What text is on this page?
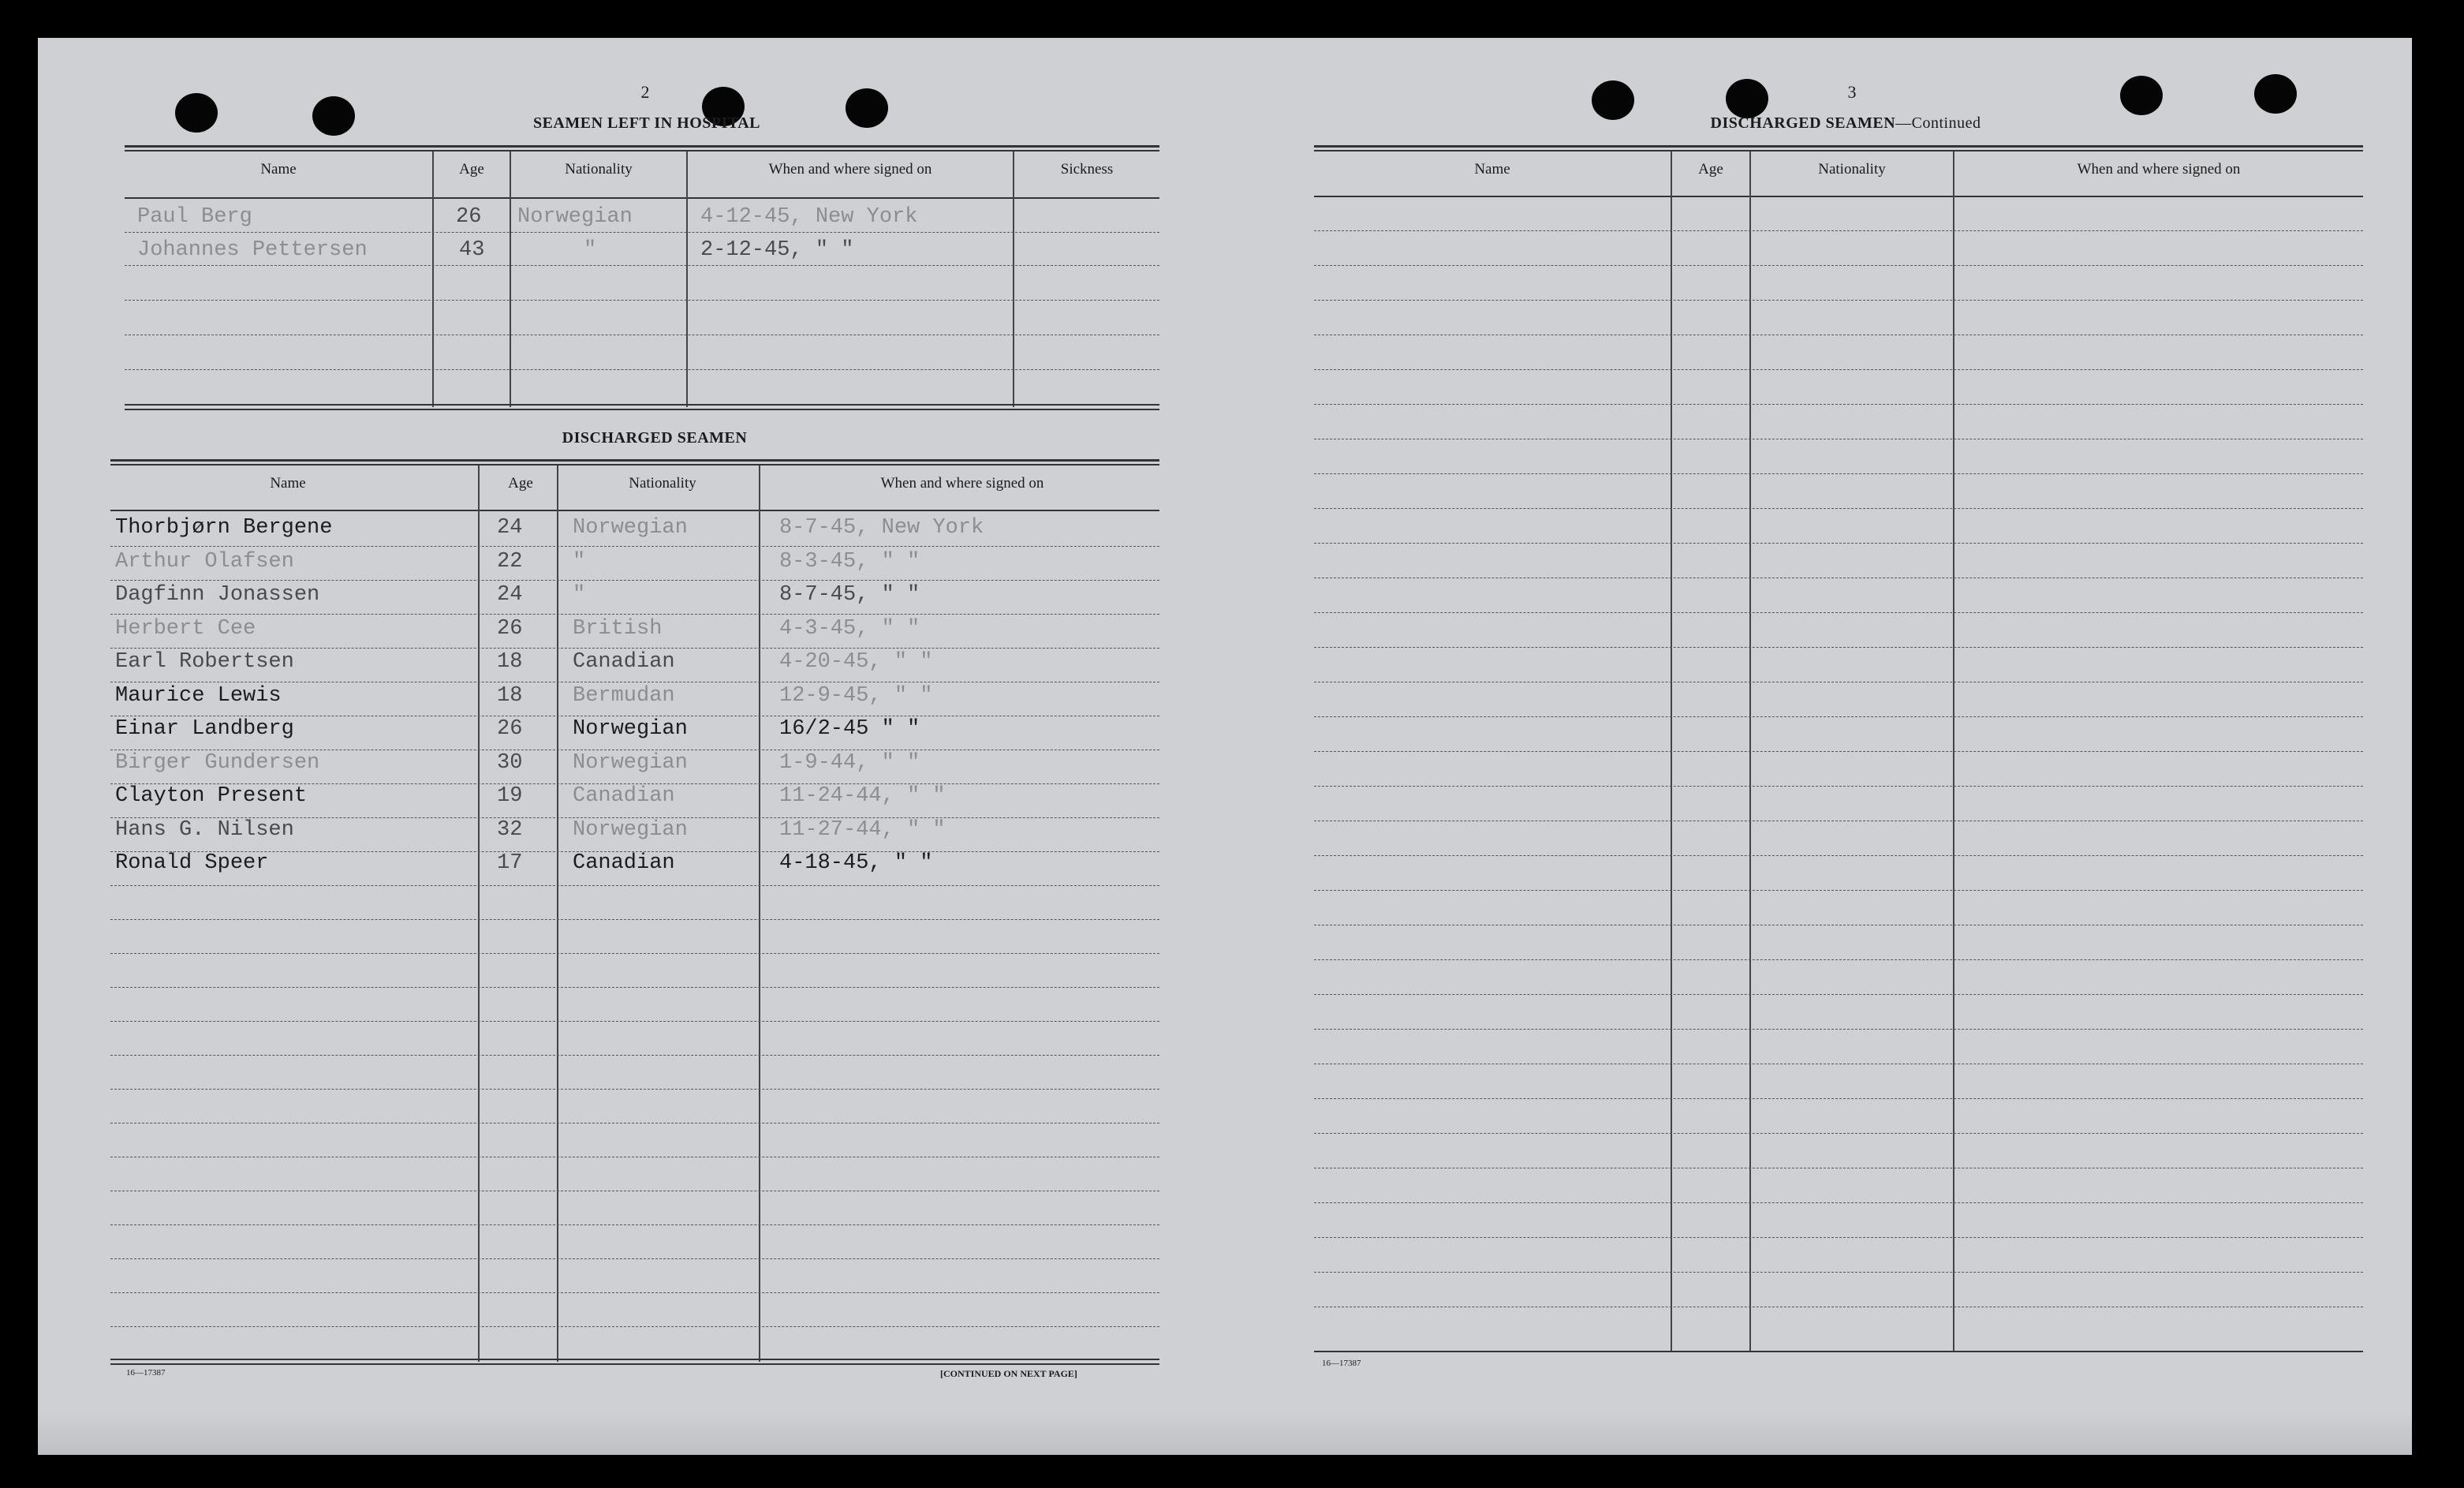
2
SEAMEN LEFT IN HOSPITAL
Name	Age	Nationality	When and where signed on	Sickness
Paul Berg	26 Norwegian	4-12-45, New York
Johannes Pettersen	43	"	2-12-45, " "
DISCHARGED SEAMEN
Name	Age	Nationality	When and where signed on
Thorbjørn Bergene	24 Norwegian	8-7-45, New York
Arthur Olafsen	22 "	8-3-45, " "
Dagfinn Jonassen	24 "	8-7-45, " "
Herbert Cee	26 British	4-3-45, " "
Earl Robertsen	18 Canadian	4-20-45, " "
Maurice Lewis	18 Bermudan	12-9-45, " "
Einar Landberg	26 Norwegian	16/2-45 " "
Birger Gundersen	30 Norwegian	1-9-44, " "
Clayton Present	19 Canadian	11-24-44, " "
Hans G. Nilsen	32 Norwegian	11-27-44, " "
Ronald Speer	17 Canadian	4-18-45, " "
16—17387	[CONTINUED ON NEXT PAGE]
3
DISCHARGED SEAMEN—Continued
Name	Age	Nationality	When and where signed on
16—17387
